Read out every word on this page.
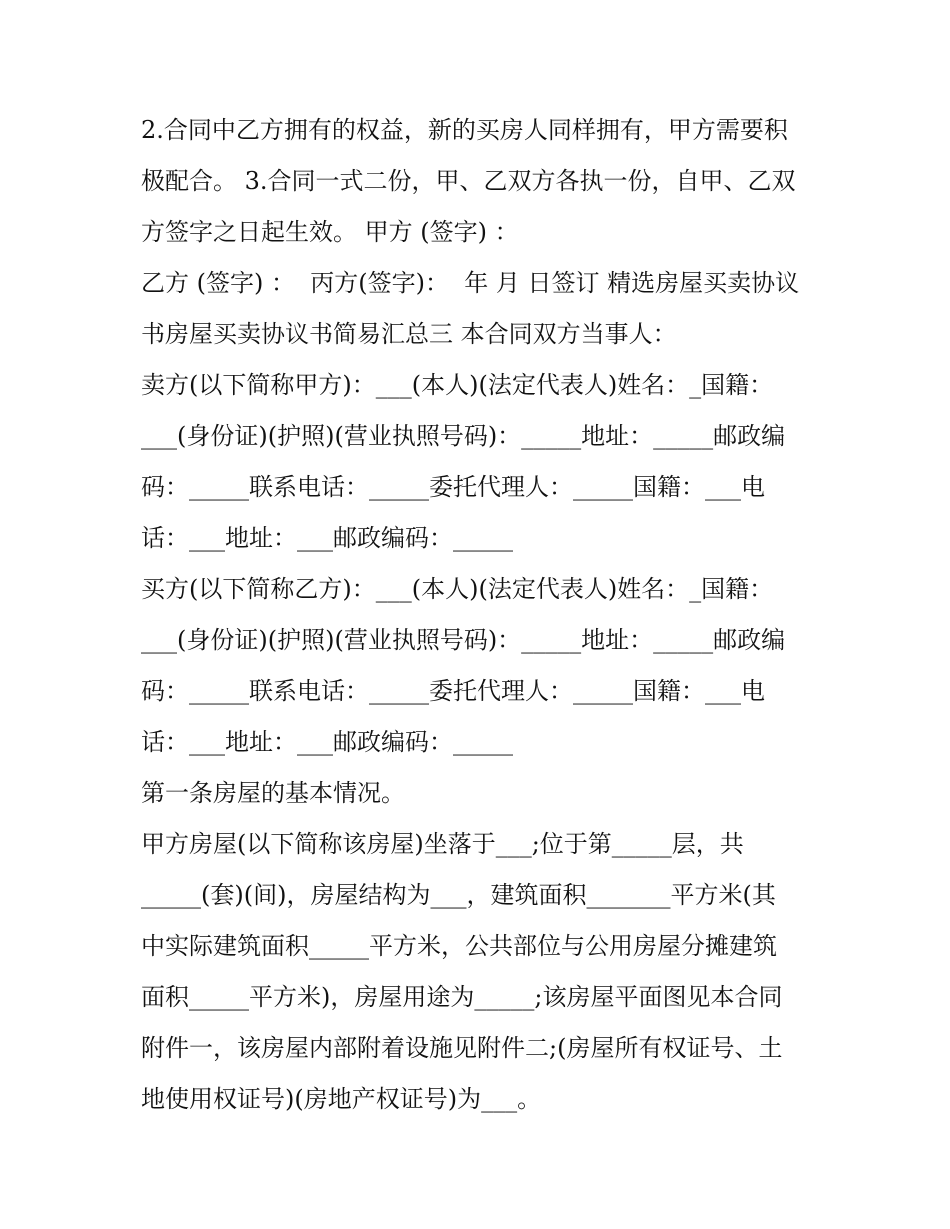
2.合同中乙方拥有的权益，新的买房人同样拥有，甲方需要积
极配合。 3.合同一式二份，甲、乙双方各执一份，自甲、乙双
方签字之日起生效。 甲方 (签字) ：
乙方 (签字) ：  丙方(签字)：  年 月 日签订 精选房屋买卖协议
书房屋买卖协议书简易汇总三 本合同双方当事人：
卖方(以下简称甲方)：___(本人)(法定代表人)姓名：_国籍：
___(身份证)(护照)(营业执照号码)：_____地址：_____邮政编
码：_____联系电话：_____委托代理人：_____国籍：___电
话：___地址：___邮政编码：_____
买方(以下简称乙方)：___(本人)(法定代表人)姓名：_国籍：
___(身份证)(护照)(营业执照号码)：_____地址：_____邮政编
码：_____联系电话：_____委托代理人：_____国籍：___电
话：___地址：___邮政编码：_____
第一条房屋的基本情况。
甲方房屋(以下简称该房屋)坐落于___;位于第_____层，共
_____(套)(间)，房屋结构为___，建筑面积_______平方米(其
中实际建筑面积_____平方米，公共部位与公用房屋分摊建筑
面积_____平方米)，房屋用途为_____;该房屋平面图见本合同
附件一，该房屋内部附着设施见附件二;(房屋所有权证号、土
地使用权证号)(房地产权证号)为___。
